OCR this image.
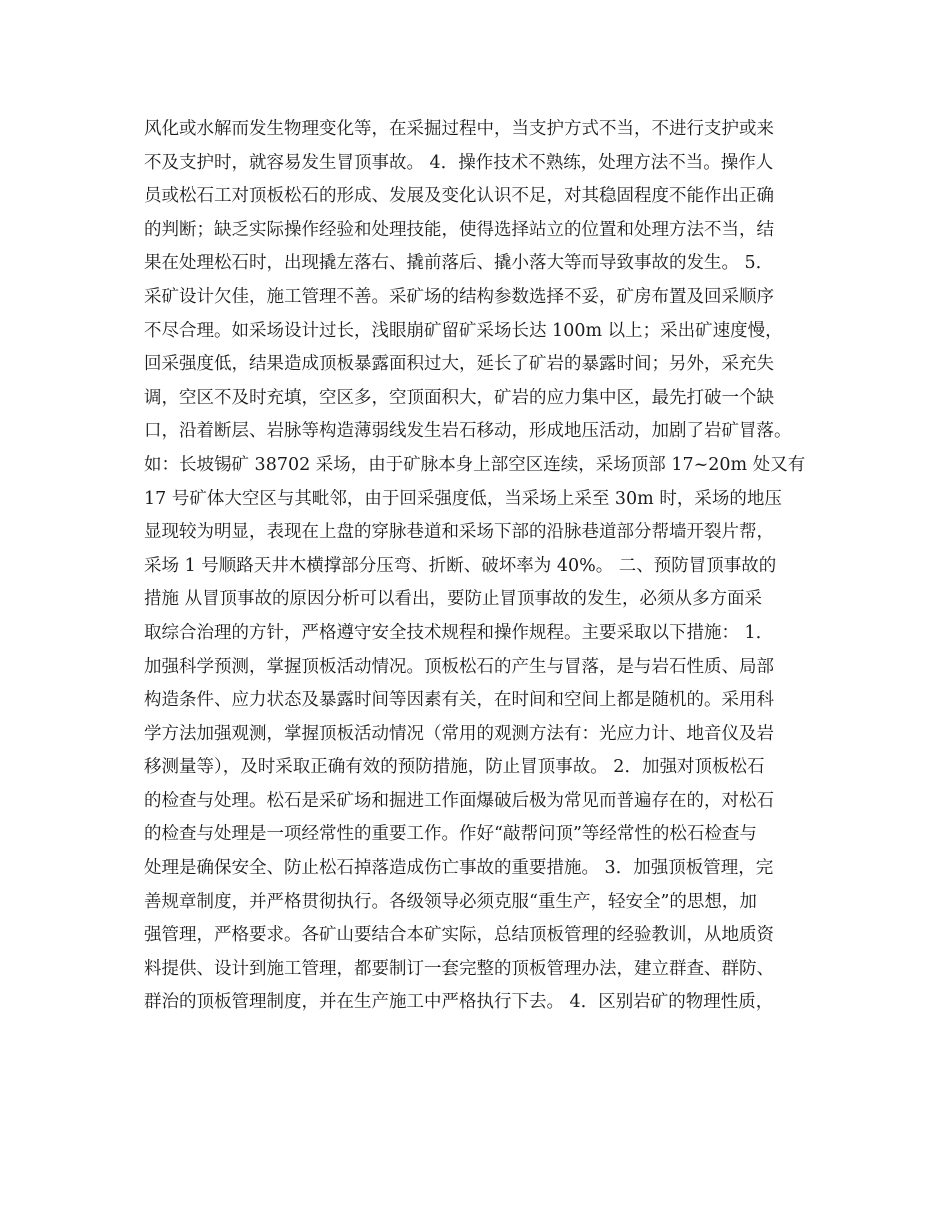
风化或水解而发生物理变化等，在采掘过程中，当支护方式不当，不进行支护或来
不及支护时，就容易发生冒顶事故。 4．操作技术不熟练，处理方法不当。操作人
员或松石工对顶板松石的形成、发展及变化认识不足，对其稳固程度不能作出正确
的判断；缺乏实际操作经验和处理技能，使得选择站立的位置和处理方法不当，结
果在处理松石时，出现撬左落右、撬前落后、撬小落大等而导致事故的发生。 5．
采矿设计欠佳，施工管理不善。采矿场的结构参数选择不妥，矿房布置及回采顺序
不尽合理。如采场设计过长，浅眼崩矿留矿采场长达 100m 以上；采出矿速度慢，
回采强度低，结果造成顶板暴露面积过大，延长了矿岩的暴露时间；另外，采充失
调，空区不及时充填，空区多，空顶面积大，矿岩的应力集中区，最先打破一个缺
口，沿着断层、岩脉等构造薄弱线发生岩石移动，形成地压活动，加剧了岩矿冒落。
如：长坡锡矿 38702 采场，由于矿脉本身上部空区连续，采场顶部 17~20m 处又有
17 号矿体大空区与其毗邻，由于回采强度低，当采场上采至 30m 时，采场的地压
显现较为明显，表现在上盘的穿脉巷道和采场下部的沿脉巷道部分帮墙开裂片帮，
采场 1 号顺路天井木横撑部分压弯、折断、破坏率为 40%。 二、预防冒顶事故的
措施 从冒顶事故的原因分析可以看出，要防止冒顶事故的发生，必须从多方面采
取综合治理的方针，严格遵守安全技术规程和操作规程。主要采取以下措施： 1．
加强科学预测，掌握顶板活动情况。顶板松石的产生与冒落，是与岩石性质、局部
构造条件、应力状态及暴露时间等因素有关，在时间和空间上都是随机的。采用科
学方法加强观测，掌握顶板活动情况（常用的观测方法有：光应力计、地音仪及岩
移测量等），及时采取正确有效的预防措施，防止冒顶事故。 2．加强对顶板松石
的检查与处理。松石是采矿场和掘进工作面爆破后极为常见而普遍存在的，对松石
的检查与处理是一项经常性的重要工作。作好“敲帮问顶”等经常性的松石检查与
处理是确保安全、防止松石掉落造成伤亡事故的重要措施。 3．加强顶板管理，完
善规章制度，并严格贯彻执行。各级领导必须克服“重生产，轻安全”的思想，加
强管理，严格要求。各矿山要结合本矿实际，总结顶板管理的经验教训，从地质资
料提供、设计到施工管理，都要制订一套完整的顶板管理办法，建立群查、群防、
群治的顶板管理制度，并在生产施工中严格执行下去。 4．区别岩矿的物理性质，
